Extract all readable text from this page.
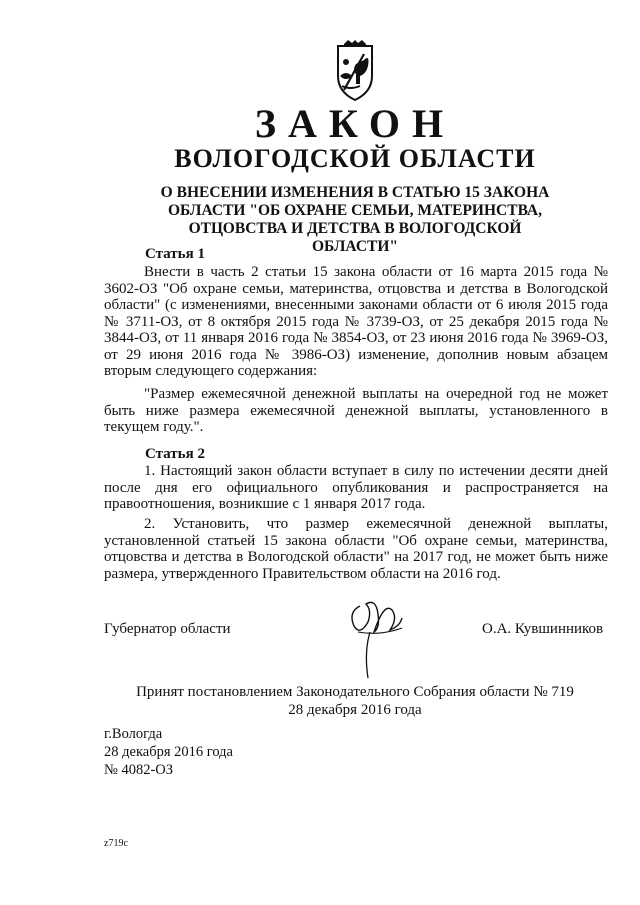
ЗАКОН
ВОЛОГОДСКОЙ ОБЛАСТИ
О ВНЕСЕНИИ ИЗМЕНЕНИЯ В СТАТЬЮ 15 ЗАКОНА
ОБЛАСТИ "ОБ ОХРАНЕ СЕМЬИ, МАТЕРИНСТВА,
ОТЦОВСТВА И ДЕТСТВА В ВОЛОГОДСКОЙ ОБЛАСТИ"
Статья 1
Внести в часть 2 статьи 15 закона области от 16 марта 2015 года № 3602-ОЗ "Об охране семьи, материнства, отцовства и детства в Вологодской области" (с изменениями, внесенными законами области от 6 июля 2015 года № 3711-ОЗ, от 8 октября 2015 года № 3739-ОЗ, от 25 декабря 2015 года № 3844-ОЗ, от 11 января 2016 года № 3854-ОЗ, от 23 июня 2016 года № 3969-ОЗ, от 29 июня 2016 года № 3986-ОЗ) изменение, дополнив новым абзацем вторым следующего содержания:
"Размер ежемесячной денежной выплаты на очередной год не может быть ниже размера ежемесячной денежной выплаты, установленного в текущем году.".
Статья 2
1. Настоящий закон области вступает в силу по истечении десяти дней после дня его официального опубликования и распространяется на правоотношения, возникшие с 1 января 2017 года.
2. Установить, что размер ежемесячной денежной выплаты, установленной статьей 15 закона области "Об охране семьи, материнства, отцовства и детства в Вологодской области" на 2017 год, не может быть ниже размера, утвержденного Правительством области на 2016 год.
Губернатор области	О.А. Кувшинников
Принят постановлением Законодательного Собрания области № 719
28 декабря 2016 года
г.Вологда
28 декабря 2016 года
№ 4082-ОЗ
z719c
